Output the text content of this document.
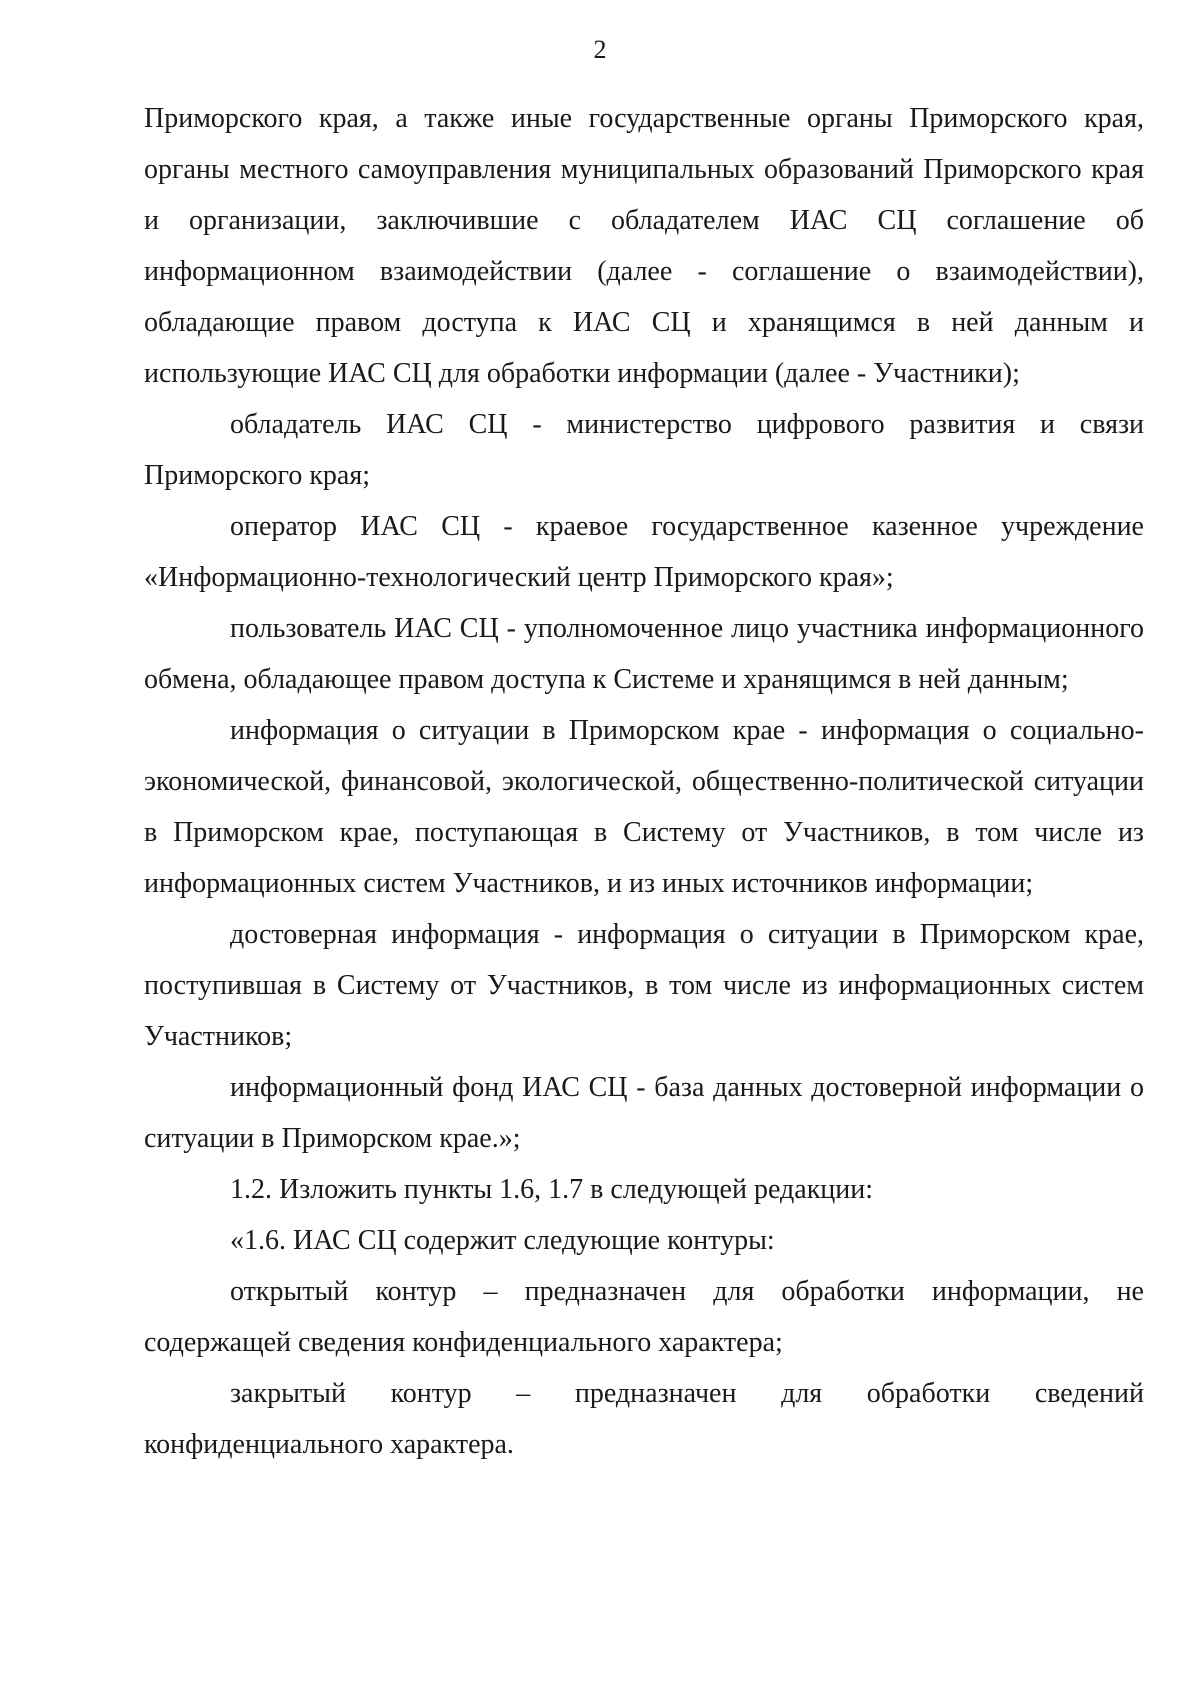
2

Приморского края, а также иные государственные органы Приморского края, органы местного самоуправления муниципальных образований Приморского края и организации, заключившие с обладателем ИАС СЦ соглашение об информационном взаимодействии (далее - соглашение о взаимодействии), обладающие правом доступа к ИАС СЦ и хранящимся в ней данным и использующие ИАС СЦ для обработки информации (далее - Участники);

обладатель ИАС СЦ - министерство цифрового развития и связи Приморского края;

оператор ИАС СЦ - краевое государственное казенное учреждение «Информационно-технологический центр Приморского края»;

пользователь ИАС СЦ - уполномоченное лицо участника информационного обмена, обладающее правом доступа к Системе и хранящимся в ней данным;

информация о ситуации в Приморском крае - информация о социально-экономической, финансовой, экологической, общественно-политической ситуации в Приморском крае, поступающая в Систему от Участников, в том числе из информационных систем Участников, и из иных источников информации;

достоверная информация - информация о ситуации в Приморском крае, поступившая в Систему от Участников, в том числе из информационных систем Участников;

информационный фонд ИАС СЦ - база данных достоверной информации о ситуации в Приморском крае.»;

1.2. Изложить пункты 1.6, 1.7 в следующей редакции:

«1.6. ИАС СЦ содержит следующие контуры:

открытый контур – предназначен для обработки информации, не содержащей сведения конфиденциального характера;

закрытый контур – предназначен для обработки сведений конфиденциального характера.
